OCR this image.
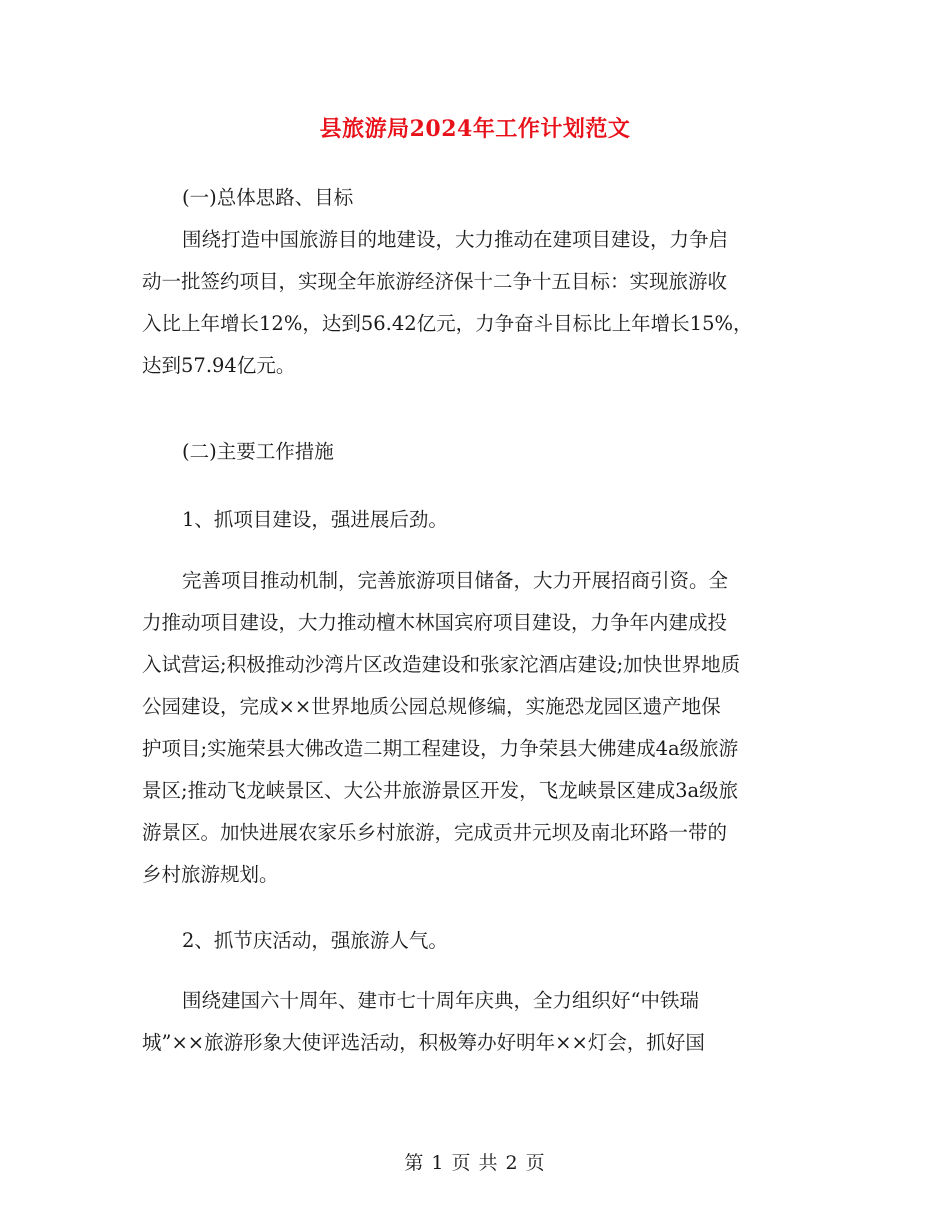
县旅游局2024年工作计划范文
(一)总体思路、目标
围绕打造中国旅游目的地建设，大力推动在建项目建设，力争启
动一批签约项目，实现全年旅游经济保十二争十五目标：实现旅游收
入比上年增长12%，达到56.42亿元，力争奋斗目标比上年增长15%，
达到57.94亿元。
(二)主要工作措施
1、抓项目建设，强进展后劲。
完善项目推动机制，完善旅游项目储备，大力开展招商引资。全
力推动项目建设，大力推动檀木林国宾府项目建设，力争年内建成投
入试营运;积极推动沙湾片区改造建设和张家沱酒店建设;加快世界地质
公园建设，完成××世界地质公园总规修编，实施恐龙园区遗产地保
护项目;实施荣县大佛改造二期工程建设，力争荣县大佛建成4a级旅游
景区;推动飞龙峡景区、大公井旅游景区开发，飞龙峡景区建成3a级旅
游景区。加快进展农家乐乡村旅游，完成贡井元坝及南北环路一带的
乡村旅游规划。
2、抓节庆活动，强旅游人气。
围绕建国六十周年、建市七十周年庆典，全力组织好“中铁瑞
城”××旅游形象大使评选活动，积极筹办好明年××灯会，抓好国
第 1 页 共 2 页
